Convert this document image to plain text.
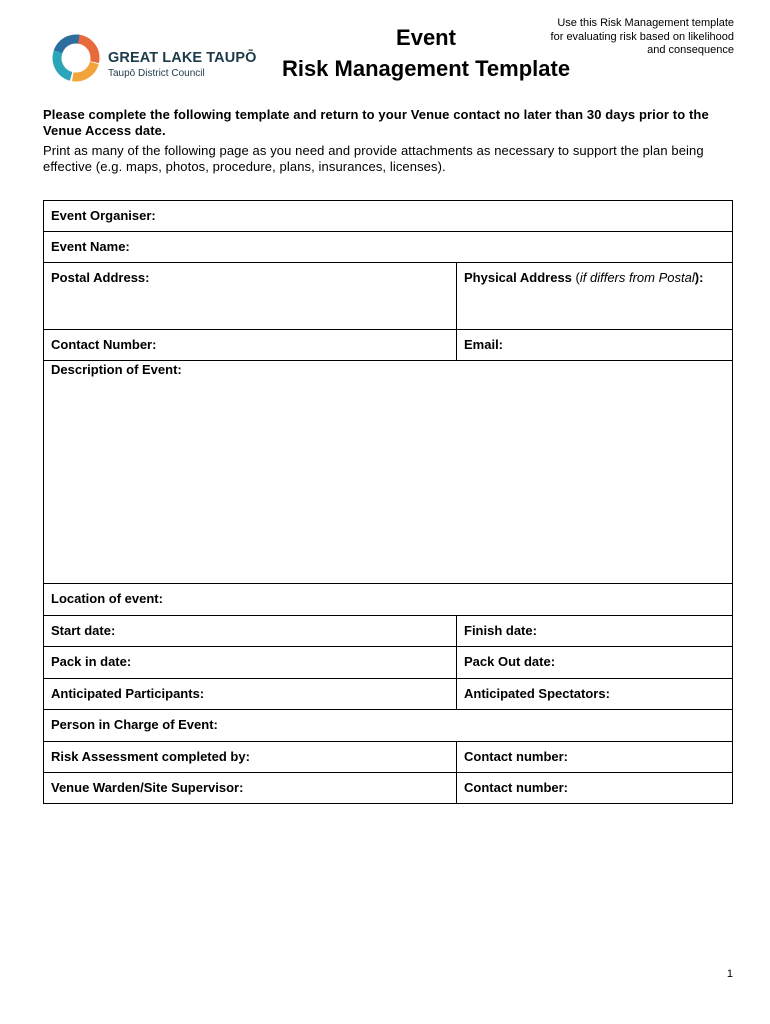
GREAT LAKE TAUPŌ
Taupō District Council
Event
Risk Management Template
Use this Risk Management template for evaluating risk based on likelihood and consequence
Please complete the following template and return to your Venue contact no later than 30 days prior to the Venue Access date.
Print as many of the following page as you need and provide attachments as necessary to support the plan being effective (e.g. maps, photos, procedure, plans, insurances, licenses).
Event Organiser:
Event Name:
Postal Address:	Physical Address (if differs from Postal):
Contact Number:	Email:
Description of Event:
Location of event:
Start date:	Finish date:
Pack in date:	Pack Out date:
Anticipated Participants:	Anticipated Spectators:
Person in Charge of Event:
Risk Assessment completed by:	Contact number:
Venue Warden/Site Supervisor:	Contact number:
1
